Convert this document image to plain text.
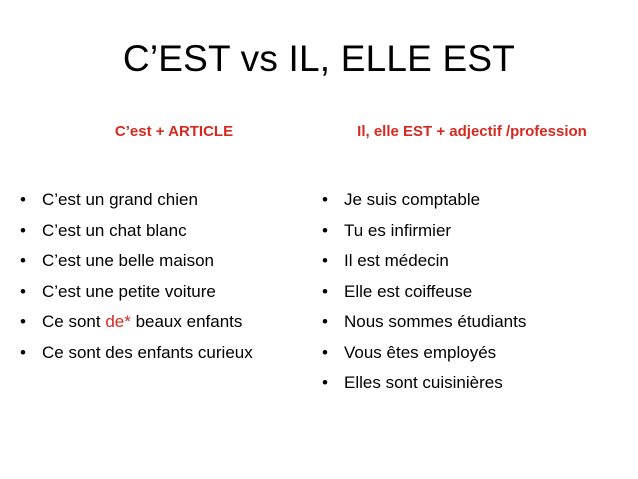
C’EST vs IL, ELLE EST

C’est + ARTICLE

• C’est un grand chien
• C’est un chat blanc
• C’est une belle maison
• C’est une petite voiture
• Ce sont de* beaux enfants
• Ce sont des enfants curieux

Il, elle EST + adjectif /profession

• Je suis comptable
• Tu es infirmier
• Il est médecin
• Elle est coiffeuse
• Nous sommes étudiants
• Vous êtes employés
• Elles sont cuisinières
